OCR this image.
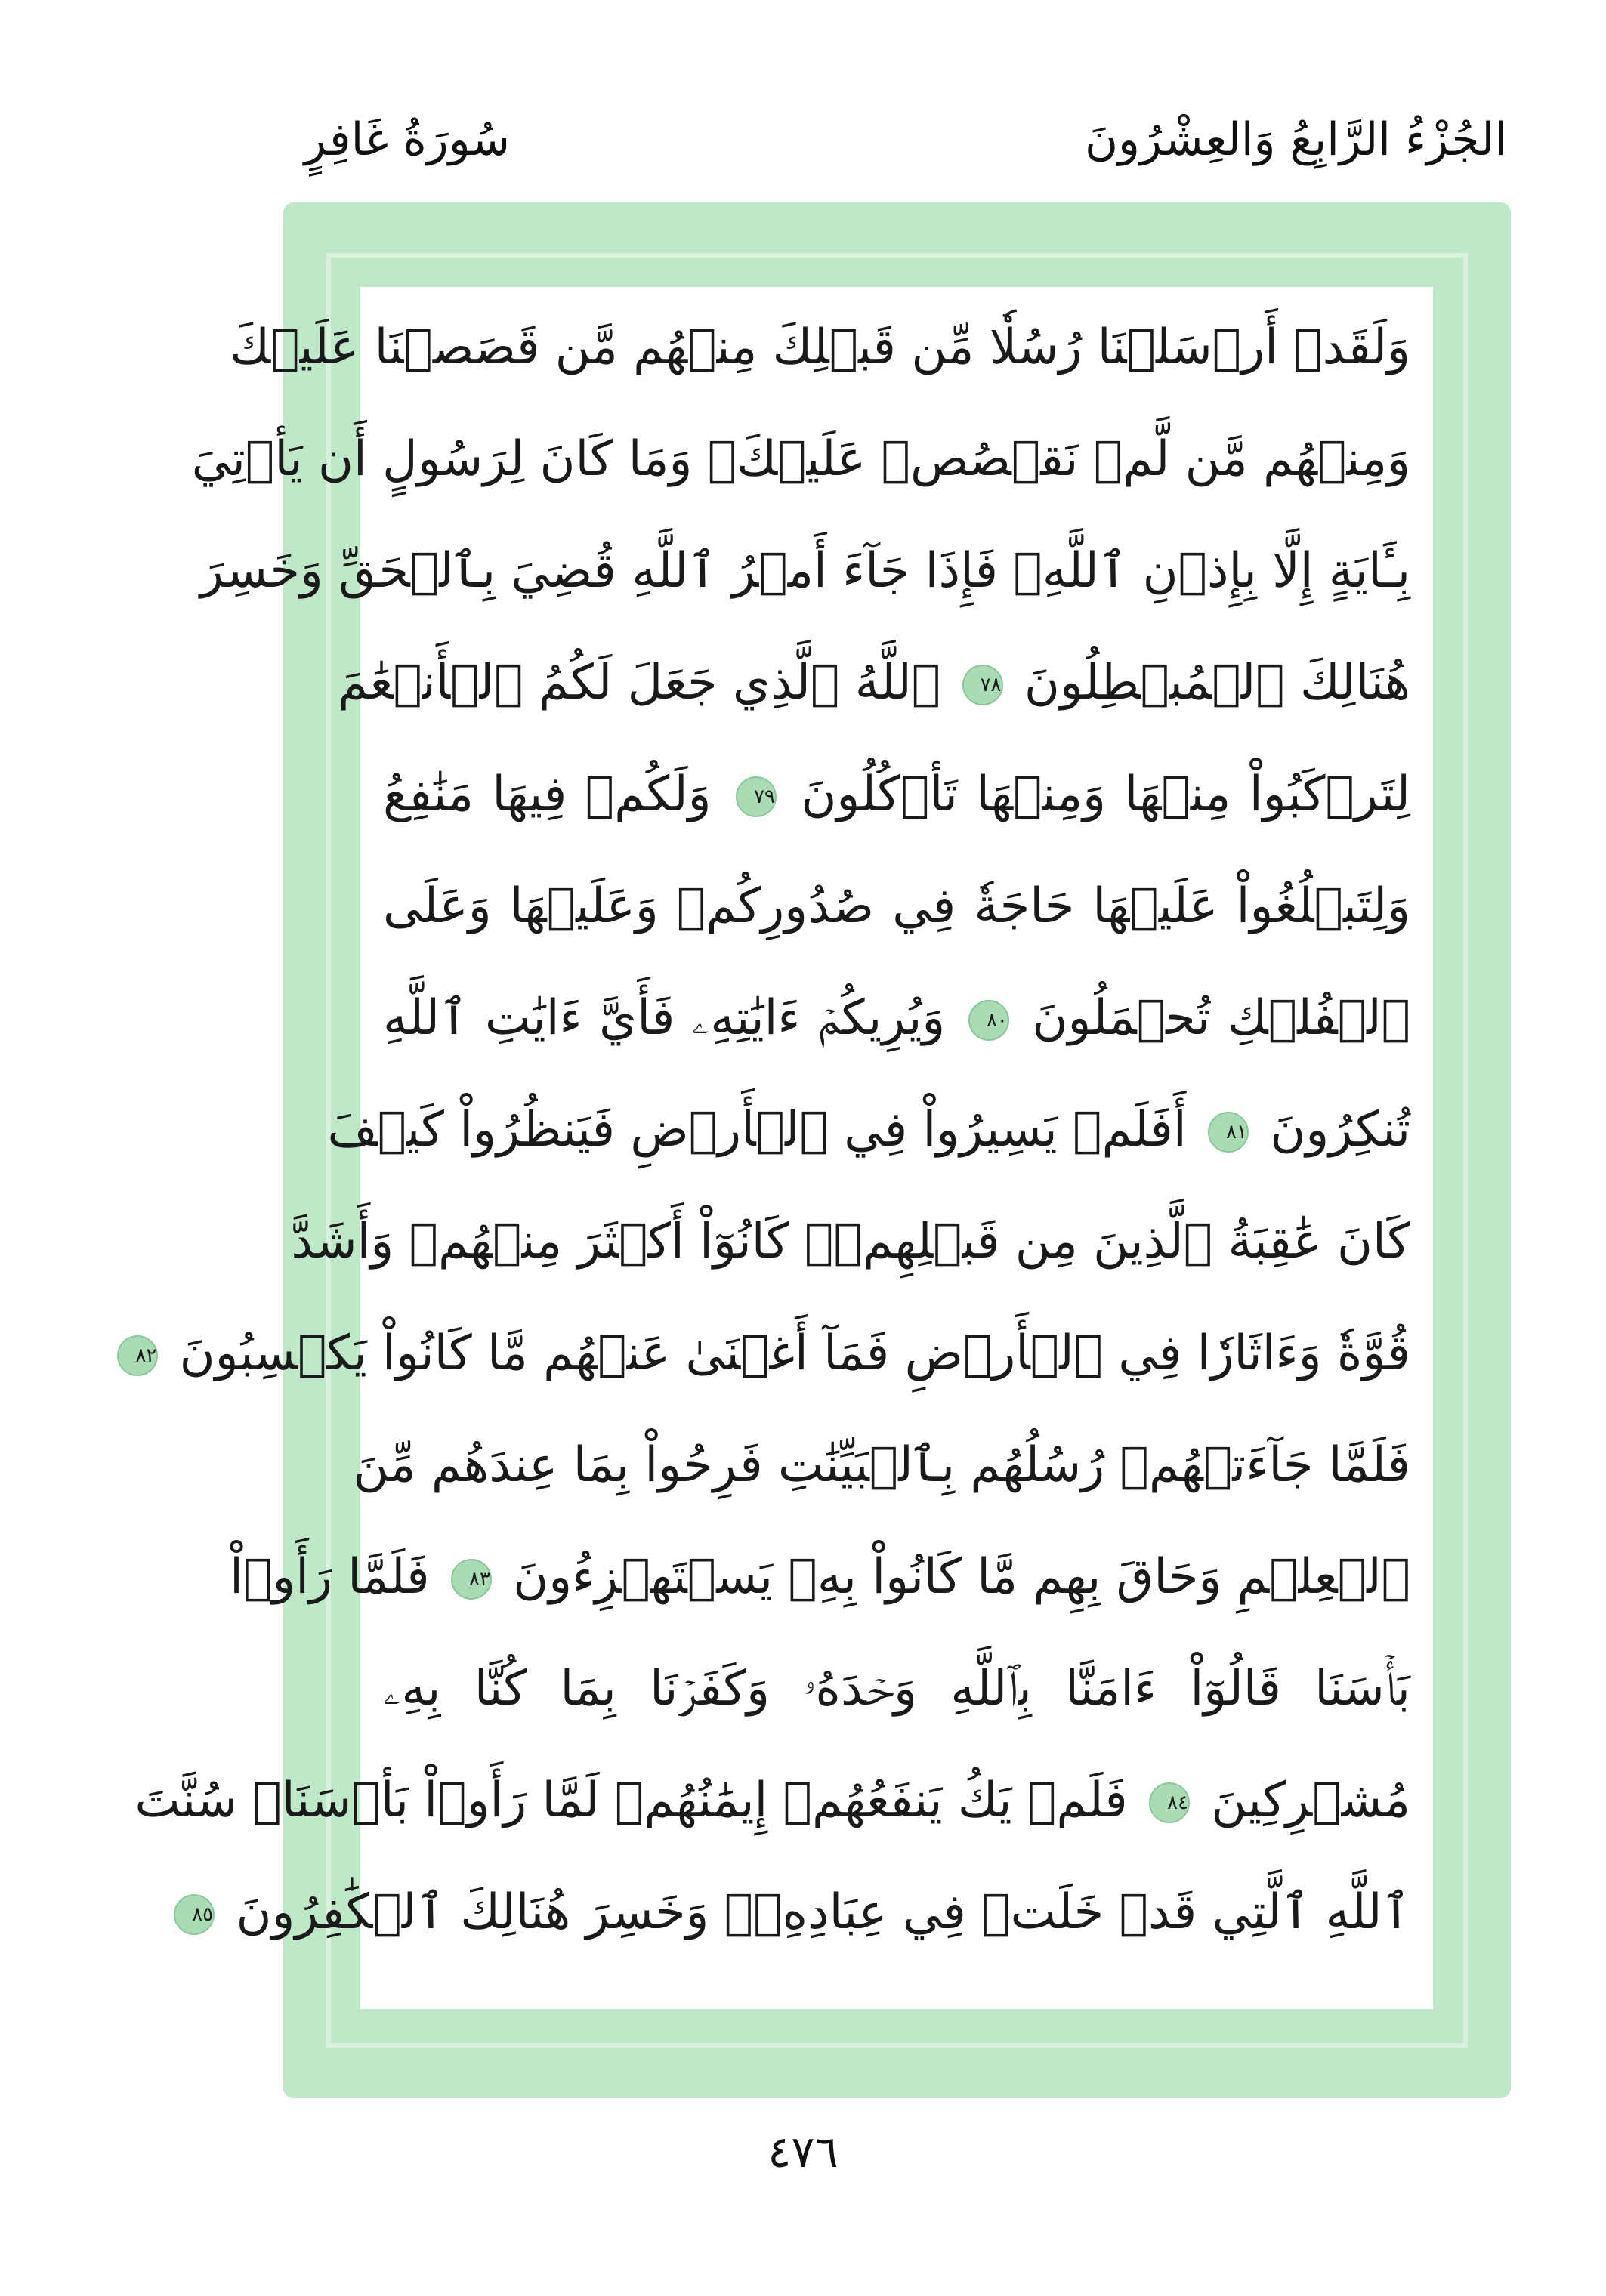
الجُزْءُ الرَّابِعُ وَالعِشْرُونَ
سُورَةُ غَافِرٍ
وَلَقَدۡ أَرۡسَلۡنَا رُسُلٗا مِّن قَبۡلِكَ مِنۡهُم مَّن قَصَصۡنَا عَلَيۡكَ
وَمِنۡهُم مَّن لَّمۡ نَقۡصُصۡ عَلَيۡكَۗ وَمَا كَانَ لِرَسُولٍ أَن يَأۡتِيَ
بِـَٔايَةٍ إِلَّا بِإِذۡنِ ٱللَّهِۚ فَإِذَا جَآءَ أَمۡرُ ٱللَّهِ قُضِيَ بِٱلۡحَقِّ وَخَسِرَ
هُنَالِكَ ٱلۡمُبۡطِلُونَ
٧٨
ٱللَّهُ ٱلَّذِي جَعَلَ لَكُمُ ٱلۡأَنۡعَٰمَ
لِتَرۡكَبُواْ مِنۡهَا وَمِنۡهَا تَأۡكُلُونَ
٧٩
وَلَكُمۡ فِيهَا مَنَٰفِعُ
وَلِتَبۡلُغُواْ عَلَيۡهَا حَاجَةٗ فِي صُدُورِكُمۡ وَعَلَيۡهَا وَعَلَى
ٱلۡفُلۡكِ تُحۡمَلُونَ
٨٠
وَيُرِيكُمۡ ءَايَٰتِهِۦ فَأَيَّ ءَايَٰتِ ٱللَّهِ
تُنكِرُونَ
٨١
أَفَلَمۡ يَسِيرُواْ فِي ٱلۡأَرۡضِ فَيَنظُرُواْ كَيۡفَ
كَانَ عَٰقِبَةُ ٱلَّذِينَ مِن قَبۡلِهِمۡۚ كَانُوٓاْ أَكۡثَرَ مِنۡهُمۡ وَأَشَدَّ
قُوَّةٗ وَءَاثَارٗا فِي ٱلۡأَرۡضِ فَمَآ أَغۡنَىٰ عَنۡهُم مَّا كَانُواْ يَكۡسِبُونَ
٨٢
فَلَمَّا جَآءَتۡهُمۡ رُسُلُهُم بِٱلۡبَيِّنَٰتِ فَرِحُواْ بِمَا عِندَهُم مِّنَ
ٱلۡعِلۡمِ وَحَاقَ بِهِم مَّا كَانُواْ بِهِۦ يَسۡتَهۡزِءُونَ
٨٣
فَلَمَّا رَأَوۡاْ
بَأۡسَنَا قَالُوٓاْ ءَامَنَّا بِٱللَّهِ وَحۡدَهُۥ وَكَفَرۡنَا بِمَا كُنَّا بِهِۦ
مُشۡرِكِينَ
٨٤
فَلَمۡ يَكُ يَنفَعُهُمۡ إِيمَٰنُهُمۡ لَمَّا رَأَوۡاْ بَأۡسَنَاۖ سُنَّتَ
ٱللَّهِ ٱلَّتِي قَدۡ خَلَتۡ فِي عِبَادِهِۦۖ وَخَسِرَ هُنَالِكَ ٱلۡكَٰفِرُونَ
٨٥
٤٧٦
